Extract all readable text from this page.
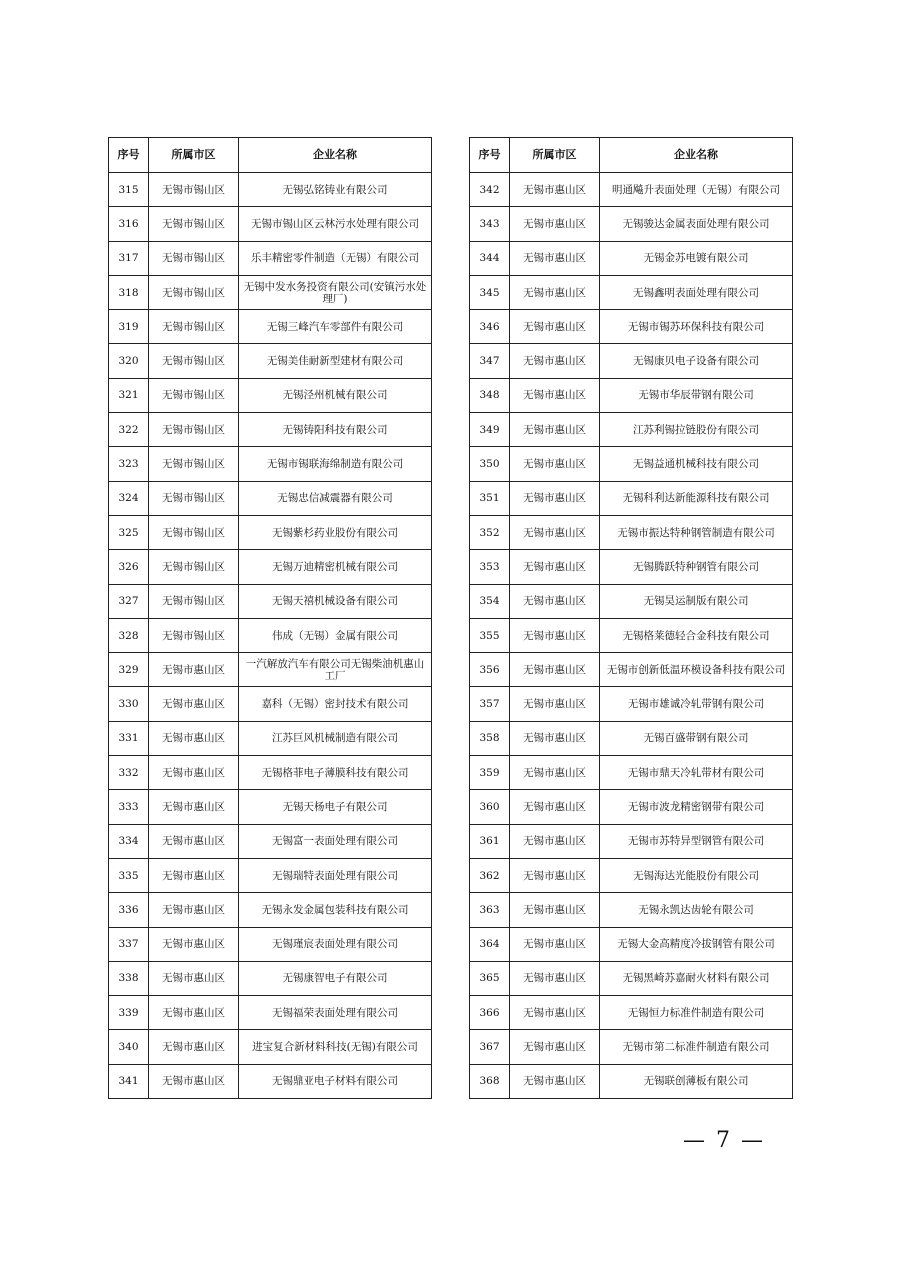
序号	所属市区	企业名称
315	无锡市锡山区	无锡弘铭铸业有限公司
316	无锡市锡山区	无锡市锡山区云林污水处理有限公司
317	无锡市锡山区	乐丰精密零件制造（无锡）有限公司
318	无锡市锡山区	无锡中发水务投资有限公司(安镇污水处理厂)
319	无锡市锡山区	无锡三峰汽车零部件有限公司
320	无锡市锡山区	无锡美佳耐新型建材有限公司
321	无锡市锡山区	无锡泾州机械有限公司
322	无锡市锡山区	无锡铸阳科技有限公司
323	无锡市锡山区	无锡市锡联海绵制造有限公司
324	无锡市锡山区	无锡忠信减震器有限公司
325	无锡市锡山区	无锡紫杉药业股份有限公司
326	无锡市锡山区	无锡万迪精密机械有限公司
327	无锡市锡山区	无锡天禧机械设备有限公司
328	无锡市锡山区	伟成（无锡）金属有限公司
329	无锡市惠山区	一汽解放汽车有限公司无锡柴油机惠山工厂
330	无锡市惠山区	嘉科（无锡）密封技术有限公司
331	无锡市惠山区	江苏巨风机械制造有限公司
332	无锡市惠山区	无锡格菲电子薄膜科技有限公司
333	无锡市惠山区	无锡天杨电子有限公司
334	无锡市惠山区	无锡富一表面处理有限公司
335	无锡市惠山区	无锡瑞特表面处理有限公司
336	无锡市惠山区	无锡永发金属包装科技有限公司
337	无锡市惠山区	无锡瑾宸表面处理有限公司
338	无锡市惠山区	无锡康智电子有限公司
339	无锡市惠山区	无锡福荣表面处理有限公司
340	无锡市惠山区	进宝复合新材料科技(无锡)有限公司
341	无锡市惠山区	无锡鼎亚电子材料有限公司
序号	所属市区	企业名称
342	无锡市惠山区	明通飚升表面处理（无锡）有限公司
343	无锡市惠山区	无锡骏达金属表面处理有限公司
344	无锡市惠山区	无锡金苏电镀有限公司
345	无锡市惠山区	无锡鑫明表面处理有限公司
346	无锡市惠山区	无锡市锡苏环保科技有限公司
347	无锡市惠山区	无锡康贝电子设备有限公司
348	无锡市惠山区	无锡市华辰带钢有限公司
349	无锡市惠山区	江苏利锡拉链股份有限公司
350	无锡市惠山区	无锡益通机械科技有限公司
351	无锡市惠山区	无锡科利达新能源科技有限公司
352	无锡市惠山区	无锡市振达特种钢管制造有限公司
353	无锡市惠山区	无锡腾跃特种钢管有限公司
354	无锡市惠山区	无锡昊运制版有限公司
355	无锡市惠山区	无锡格莱德轻合金科技有限公司
356	无锡市惠山区	无锡市创新低温环模设备科技有限公司
357	无锡市惠山区	无锡市雄诚冷轧带钢有限公司
358	无锡市惠山区	无锡百盛带钢有限公司
359	无锡市惠山区	无锡市鼎天冷轧带材有限公司
360	无锡市惠山区	无锡市波龙精密钢带有限公司
361	无锡市惠山区	无锡市苏特异型钢管有限公司
362	无锡市惠山区	无锡海达光能股份有限公司
363	无锡市惠山区	无锡永凯达齿轮有限公司
364	无锡市惠山区	无锡大金高精度冷拔钢管有限公司
365	无锡市惠山区	无锡黑崎苏嘉耐火材料有限公司
366	无锡市惠山区	无锡恒力标准件制造有限公司
367	无锡市惠山区	无锡市第二标准件制造有限公司
368	无锡市惠山区	无锡联创薄板有限公司
— 7 —
